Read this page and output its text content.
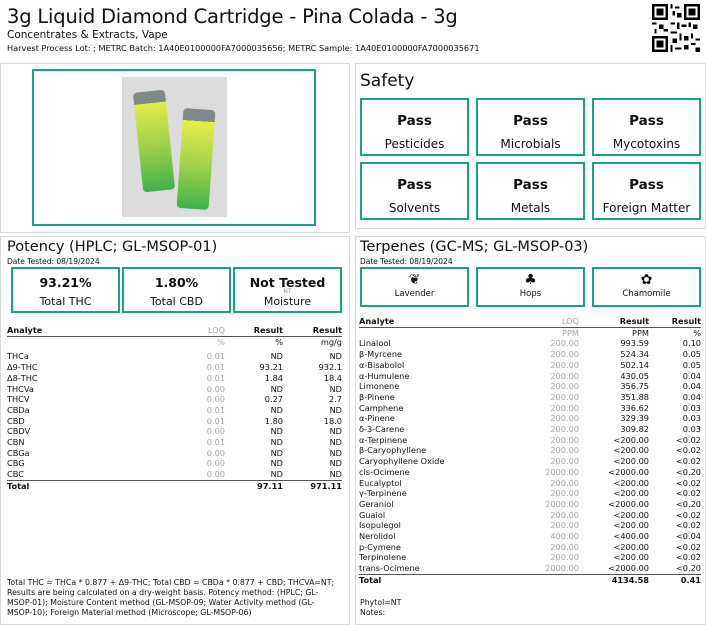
3g Liquid Diamond Cartridge - Pina Colada - 3g
Concentrates & Extracts, Vape
Harvest Process Lot: ; METRC Batch: 1A40E0100000FA7000035656; METRC Sample: 1A40E0100000FA7000035671
Safety
Pass
Pesticides
Pass
Microbials
Pass
Mycotoxins
Pass
Solvents
Pass
Metals
Pass
Foreign Matter
Potency (HPLC; GL-MSOP-01)
Date Tested: 08/19/2024
93.21%
Total THC
1.80%
Total CBD
Not Tested
NT
Moisture
Analyte	LOQ	Result	Result
	%	%	mg/g

THCa	0.01	ND	ND
Δ9-THC	0.01	93.21	932.1
Δ8-THC	0.01	1.84	18.4
THCVa	0.00	ND	ND
THCV	0.00	0.27	2.7
CBDa	0.01	ND	ND
CBD	0.01	1.80	18.0
CBDV	0.00	ND	ND
CBN	0.01	ND	ND
CBGa	0.00	ND	ND
CBG	0.00	ND	ND
CBC	0.00	ND	ND
Total		97.11	971.11
Total THC = THCa * 0.877 + Δ9-THC; Total CBD = CBDa * 0.877 + CBD; THCVA=NT; Results are being calculated on a dry-weight basis. Potency method: (HPLC; GL-MSOP-01); Moisture Content method (GL-MSOP-09; Water Activity method (GL-MSOP-10); Foreign Material method (Microscope; GL-MSOP-06)
Terpenes (GC-MS; GL-MSOP-03)
Date Tested: 08/19/2024
❦
Lavender
♣
Hops
✿
Chamomile
Analyte	LOQ	Result	Result
	PPM	PPM	%
Linalool	200.00	993.59	0.10
β-Myrcene	200.00	524.34	0.05
α-Bisabolol	200.00	502.14	0.05
α-Humulene	200.00	430.05	0.04
Limonene	200.00	356.75	0.04
β-Pinene	200.00	351.88	0.04
Camphene	200.00	336.62	0.03
α-Pinene	200.00	329.39	0.03
δ-3-Carene	200.00	309.82	0.03
α-Terpinene	200.00	<200.00	<0.02
β-Caryophyllene	200.00	<200.00	<0.02
Caryophyllene Oxide	200.00	<200.00	<0.02
cis-Ocimene	2000.00	<2000.00	<0.20
Eucalyptol	200.00	<200.00	<0.02
γ-Terpinene	200.00	<200.00	<0.02
Geraniol	2000.00	<2000.00	<0.20
Guaiol	200.00	<200.00	<0.02
Isopulegol	200.00	<200.00	<0.02
Nerolidol	400.00	<400.00	<0.04
p-Cymene	200.00	<200.00	<0.02
Terpinolene	200.00	<200.00	<0.02
trans-Ocimene	2000.00	<2000.00	<0.20
Total		4134.58	0.41
Phytol=NT
Notes:
